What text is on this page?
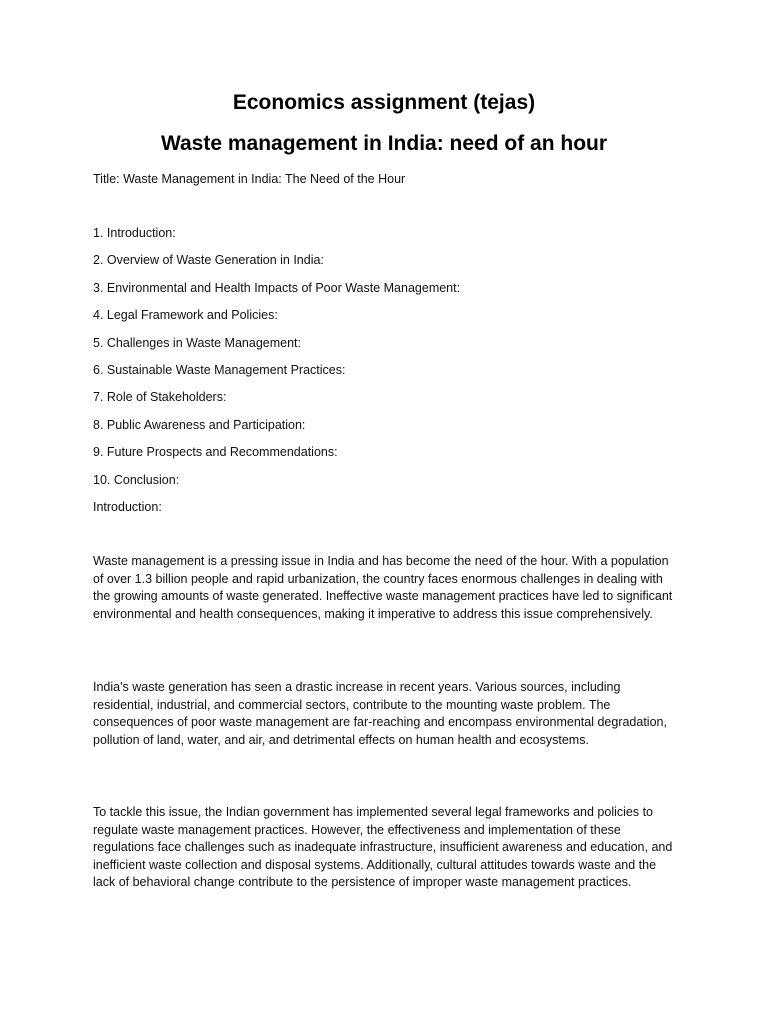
Economics assignment (tejas)
Waste management in India: need of an hour

Title: Waste Management in India: The Need of the Hour

1. Introduction:
2. Overview of Waste Generation in India:
3. Environmental and Health Impacts of Poor Waste Management:
4. Legal Framework and Policies:
5. Challenges in Waste Management:
6. Sustainable Waste Management Practices:
7. Role of Stakeholders:
8. Public Awareness and Participation:
9. Future Prospects and Recommendations:
10. Conclusion:
Introduction:

Waste management is a pressing issue in India and has become the need of the hour. With a population of over 1.3 billion people and rapid urbanization, the country faces enormous challenges in dealing with the growing amounts of waste generated. Ineffective waste management practices have led to significant environmental and health consequences, making it imperative to address this issue comprehensively.

India's waste generation has seen a drastic increase in recent years. Various sources, including residential, industrial, and commercial sectors, contribute to the mounting waste problem. The consequences of poor waste management are far-reaching and encompass environmental degradation, pollution of land, water, and air, and detrimental effects on human health and ecosystems.

To tackle this issue, the Indian government has implemented several legal frameworks and policies to regulate waste management practices. However, the effectiveness and implementation of these regulations face challenges such as inadequate infrastructure, insufficient awareness and education, and inefficient waste collection and disposal systems. Additionally, cultural attitudes towards waste and the lack of behavioral change contribute to the persistence of improper waste management practices.
